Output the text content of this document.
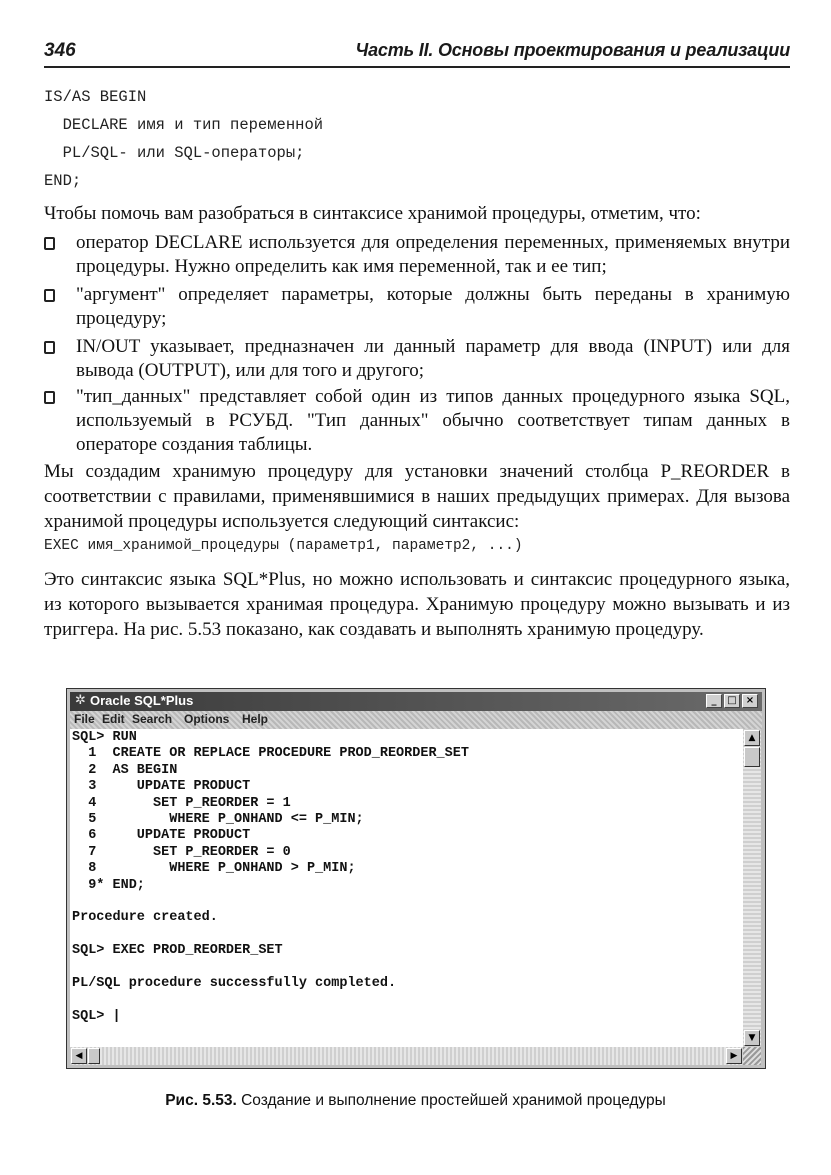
346	Часть II. Основы проектирования и реализации
IS/AS BEGIN
DECLARE имя и тип переменной
PL/SQL- или SQL-операторы;
END;
Чтобы помочь вам разобраться в синтаксисе хранимой процедуры, отметим, что:
оператор DECLARE используется для определения переменных, применяемых внутри процедуры. Нужно определить как имя переменной, так и ее тип;
"аргумент" определяет параметры, которые должны быть переданы в хранимую процедуру;
IN/OUT указывает, предназначен ли данный параметр для ввода (INPUT) или для вывода (OUTPUT), или для того и другого;
"тип_данных" представляет собой один из типов данных процедурного языка SQL, используемый в РСУБД. "Тип данных" обычно соответствует типам данных в операторе создания таблицы.
Мы создадим хранимую процедуру для установки значений столбца P_REORDER в соответствии с правилами, применявшимися в наших предыдущих примерах. Для вызова хранимой процедуры используется следующий синтаксис:
EXEC имя_хранимой_процедуры (параметр1, параметр2, ...)
Это синтаксис языка SQL*Plus, но можно использовать и синтаксис процедурного языка, из которого вызывается хранимая процедура. Хранимую процедуру можно вызывать и из триггера. На рис. 5.53 показано, как создавать и выполнять хранимую процедуру.
✲ Oracle SQL*Plus	_	□ ×
File Edit Search Options Help
SQL> RUN
1  CREATE OR REPLACE PROCEDURE PROD_REORDER_SET
2  AS BEGIN
3     UPDATE PRODUCT
4       SET P_REORDER = 1
5         WHERE P_ONHAND <= P_MIN;
6     UPDATE PRODUCT
7       SET P_REORDER = 0
8         WHERE P_ONHAND > P_MIN;
9* END;

Procedure created.

SQL> EXEC PROD_REORDER_SET

PL/SQL procedure successfully completed.

SQL> |
▲
▼
◀	▶
Рис. 5.53. Создание и выполнение простейшей хранимой процедуры
